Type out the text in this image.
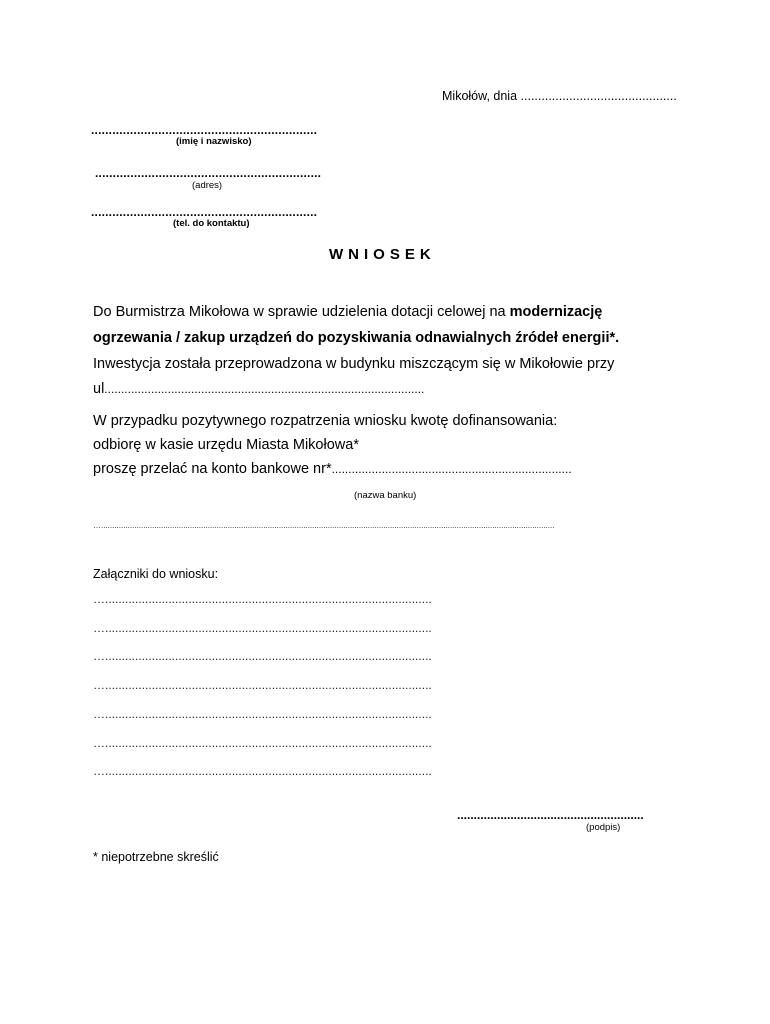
Mikołów, dnia .............................................
................................................................
(imię i nazwisko)
................................................................
(adres)
................................................................
(tel. do kontaktu)
WNIOSEK
Do Burmistrza Mikołowa w sprawie udzielenia dotacji celowej na modernizację
ogrzewania / zakup urządzeń do pozyskiwania odnawialnych źródeł energii*.
Inwestycja została przeprowadzona w budynku miszczącym się w Mikołowie przy
ul................................................................................................
W przypadku pozytywnego rozpatrzenia wniosku kwotę dofinansowania:
odbiorę w kasie urzędu Miasta Mikołowa*
proszę przelać na konto bankowe nr*........................................................................
(nazwa banku)
…............................................................................................................................................................................................................
Załączniki do wniosku:
…..................................................................................................
…..................................................................................................
…..................................................................................................
…..................................................................................................
…..................................................................................................
…..................................................................................................
…..................................................................................................
........................................................
(podpis)
* niepotrzebne skreślić
